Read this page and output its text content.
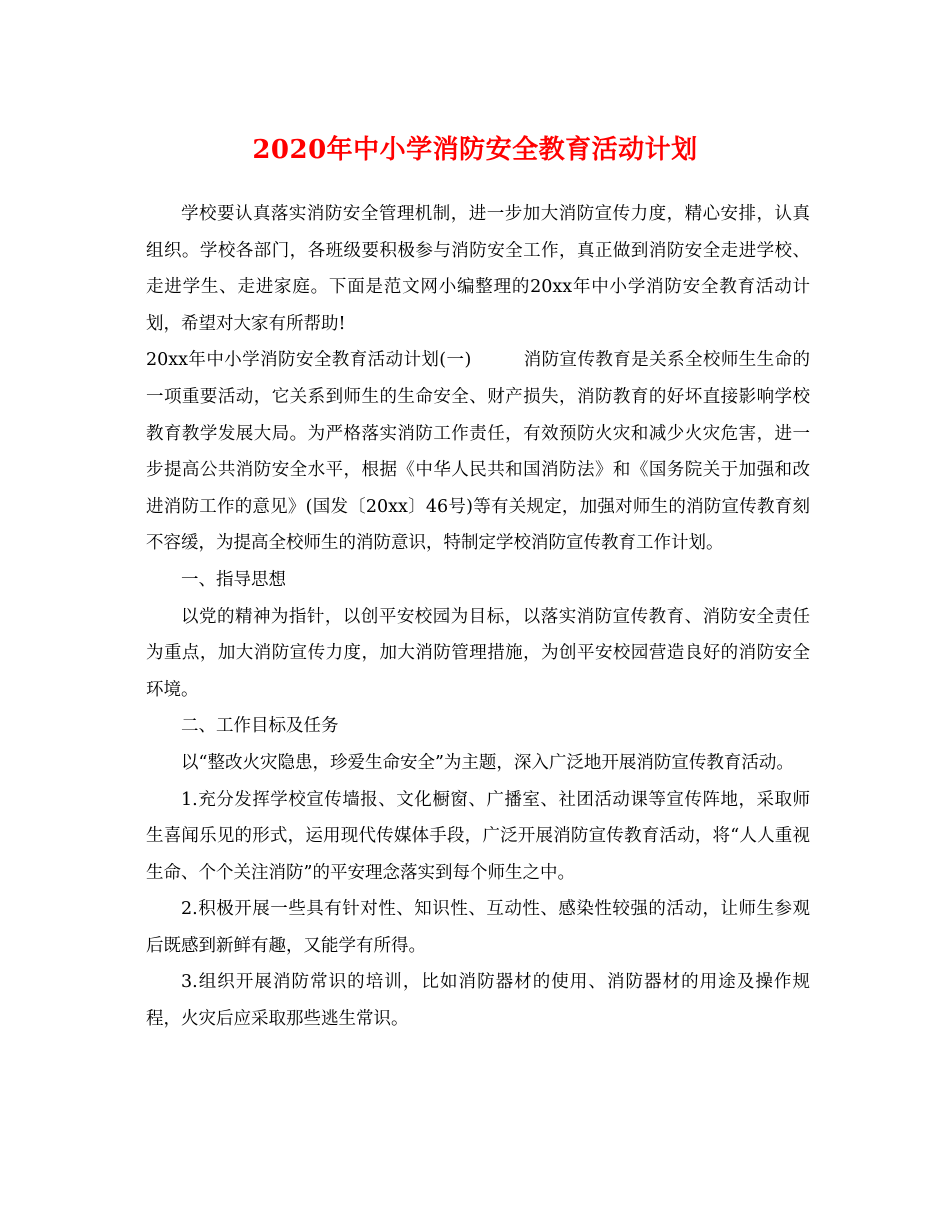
2020年中小学消防安全教育活动计划

学校要认真落实消防安全管理机制，进一步加大消防宣传力度，精心安排，认真组织。学校各部门，各班级要积极参与消防安全工作，真正做到消防安全走进学校、走进学生、走进家庭。下面是范文网小编整理的20xx年中小学消防安全教育活动计划，希望对大家有所帮助!

20xx年中小学消防安全教育活动计划(一)	消防宣传教育是关系全校师生生命的一项重要活动，它关系到师生的生命安全、财产损失，消防教育的好坏直接影响学校教育教学发展大局。为严格落实消防工作责任，有效预防火灾和减少火灾危害，进一步提高公共消防安全水平，根据《中华人民共和国消防法》和《国务院关于加强和改进消防工作的意见》(国发〔20xx〕46号)等有关规定，加强对师生的消防宣传教育刻不容缓，为提高全校师生的消防意识，特制定学校消防宣传教育工作计划。

一、指导思想

以党的精神为指针，以创平安校园为目标，以落实消防宣传教育、消防安全责任为重点，加大消防宣传力度，加大消防管理措施，为创平安校园营造良好的消防安全环境。

二、工作目标及任务

以“整改火灾隐患，珍爱生命安全”为主题，深入广泛地开展消防宣传教育活动。

1.充分发挥学校宣传墙报、文化橱窗、广播室、社团活动课等宣传阵地，采取师生喜闻乐见的形式，运用现代传媒体手段，广泛开展消防宣传教育活动，将“人人重视生命、个个关注消防”的平安理念落实到每个师生之中。

2.积极开展一些具有针对性、知识性、互动性、感染性较强的活动，让师生参观后既感到新鲜有趣，又能学有所得。

3.组织开展消防常识的培训，比如消防器材的使用、消防器材的用途及操作规程，火灾后应采取那些逃生常识。
